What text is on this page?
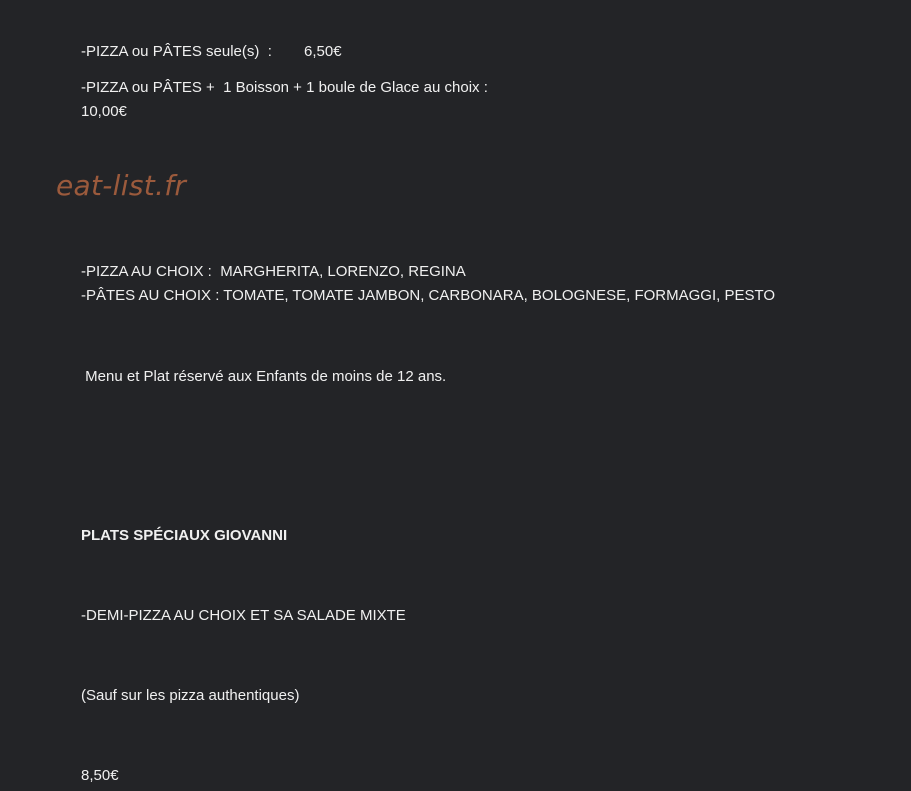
-PIZZA ou PÂTES seule(s)  : 6,50€
-PIZZA ou PÂTES +  1 Boisson + 1 boule de Glace au choix :
10,00€
eat-list.fr
-PIZZA AU CHOIX :  MARGHERITA, LORENZO, REGINA
-PÂTES AU CHOIX : TOMATE, TOMATE JAMBON, CARBONARA, BOLOGNESE, FORMAGGI, PESTO
Menu et Plat réservé aux Enfants de moins de 12 ans.
PLATS SPÉCIAUX GIOVANNI
-DEMI-PIZZA AU CHOIX ET SA SALADE MIXTE
(Sauf sur les pizza authentiques)
8,50€
